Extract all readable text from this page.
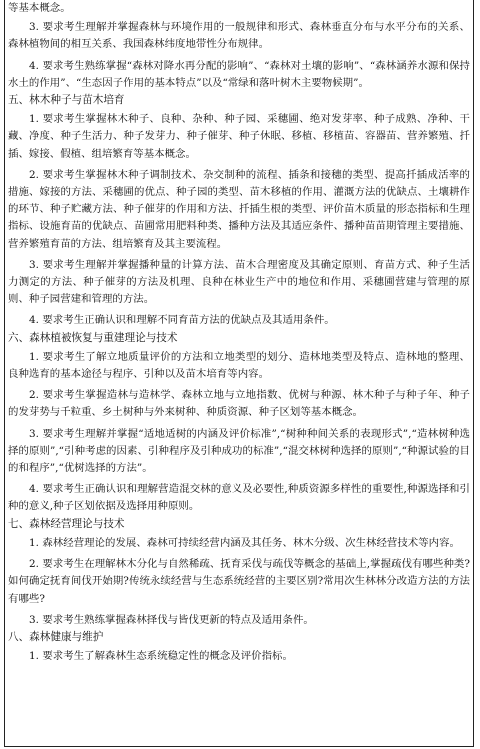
等基本概念。

3. 要求考生理解并掌握森林与环境作用的一般规律和形式、森林垂直分布与水平分布的关系、森林植物间的相互关系、我国森林纬度地带性分布规律。

4. 要求考生熟练掌握“森林对降水再分配的影响”、“森林对土壤的影响”、“森林涵养水源和保持水土的作用”、“生态因子作用的基本特点”以及“常绿和落叶树木主要物候期”。

五、林木种子与苗木培育

1. 要求考生掌握林木种子、良种、杂种、种子园、采穗圃、绝对发芽率、种子成熟、净种、干藏、净度、种子生活力、种子发芽力、种子催芽、种子休眠、移植、移植苗、容器苗、营养繁殖、扦插、嫁接、假植、组培繁育等基本概念。

2. 要求考生掌握林木种子调制技术、杂交制种的流程、插条和接穗的类型、提高扦插成活率的措施、嫁接的方法、采穗圃的优点、种子园的类型、苗木移植的作用、灌溉方法的优缺点、土壤耕作的环节、种子贮藏方法、种子催芽的作用和方法、扦插生根的类型、评价苗木质量的形态指标和生理指标、设施育苗的优缺点、苗圃常用肥料种类、播种方法及其适应条件、播种苗苗期管理主要措施、营养繁殖育苗的方法、组培繁育及其主要流程。

3. 要求考生理解并掌握播种量的计算方法、苗木合理密度及其确定原则、育苗方式、种子生活力测定的方法、种子催芽的方法及机理、良种在林业生产中的地位和作用、采穗圃营建与管理的原则、种子园营建和管理的方法。

4. 要求考生正确认识和理解不同育苗方法的优缺点及其适用条件。

六、森林植被恢复与重建理论与技术

1. 要求考生了解立地质量评价的方法和立地类型的划分、造林地类型及特点、造林地的整理、良种选育的基本途径与程序、引种以及苗木培育等内容。

2. 要求考生掌握造林与造林学、森林立地与立地指数、优树与种源、林木种子与种子年、种子的发芽势与千粒重、乡土树种与外来树种、种质资源、种子区划等基本概念。

3. 要求考生理解并掌握“适地适树的内涵及评价标准”,“树种种间关系的表现形式”,“造林树种选择的原则”,“引种考虑的因素、引种程序及引种成功的标准”,“混交林树种选择的原则”,“种源试验的目的和程序”,“优树选择的方法”。

4. 要求考生正确认识和理解营造混交林的意义及必要性,种质资源多样性的重要性,种源选择和引种的意义,种子区划依据及选择用种原则。

七、森林经营理论与技术

1. 森林经营理论的发展、森林可持续经营内涵及其任务、林木分级、次生林经营技术等内容。

2. 要求考生在理解林木分化与自然稀疏、抚育采伐与疏伐等概念的基础上,掌握疏伐有哪些种类?如何确定抚育间伐开始期?传统永续经营与生态系统经营的主要区别?常用次生林林分改造方法的方法有哪些?

3. 要求考生熟练掌握森林择伐与皆伐更新的特点及适用条件。

八、森林健康与维护

1. 要求考生了解森林生态系统稳定性的概念及评价指标。
